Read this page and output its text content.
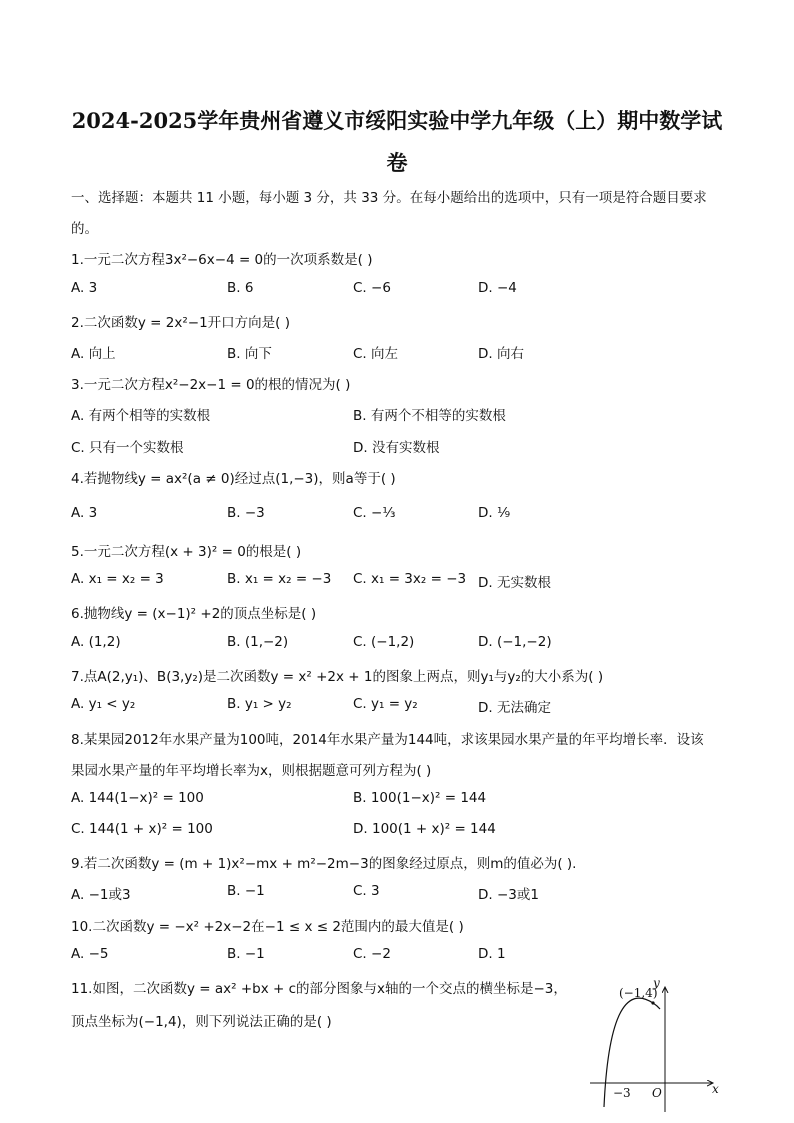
2024-2025学年贵州省遵义市绥阳实验中学九年级（上）期中数学试
卷
一、选择题：本题共 11 小题，每小题 3 分，共 33 分。在每小题给出的选项中，只有一项是符合题目要求
的。
1.一元二次方程3x²−6x−4 = 0的一次项系数是( )
A. 3	B. 6	C. −6	D. −4
2.二次函数y = 2x²−1开口方向是( )
A. 向上	B. 向下	C. 向左	D. 向右
3.一元二次方程x²−2x−1 = 0的根的情况为( )
A. 有两个相等的实数根	B. 有两个不相等的实数根
C. 只有一个实数根	D. 没有实数根
4.若抛物线y = ax²(a ≠ 0)经过点(1,−3)，则a等于( )
A. 3	B. −3	C. −⅓	D. ⅑
5.一元二次方程(x + 3)² = 0的根是( )
A. x₁ = x₂ = 3	B. x₁ = x₂ = −3 C. x₁ = 3x₂ = −3 D. 无实数根
6.抛物线y = (x−1)² +2的顶点坐标是( )
A. (1,2)	B. (1,−2)	C. (−1,2)	D. (−1,−2)
7.点A(2,y₁)、B(3,y₂)是二次函数y = x² +2x + 1的图象上两点，则y₁与y₂的大小系为( )
A. y₁ < y₂	B. y₁ > y₂	C. y₁ = y₂	D. 无法确定
8.某果园2012年水果产量为100吨，2014年水果产量为144吨，求该果园水果产量的年平均增长率．设该
果园水果产量的年平均增长率为x，则根据题意可列方程为( )
A. 144(1−x)² = 100	B. 100(1−x)² = 144
C. 144(1 + x)² = 100	D. 100(1 + x)² = 144
9.若二次函数y = (m + 1)x²−mx + m²−2m−3的图象经过原点，则m的值必为( ).
A. −1或3	B. −1	C. 3	D. −3或1
10.二次函数y = −x² +2x−2在−1 ≤ x ≤ 2范围内的最大值是( )
A. −5	B. −1	C. −2	D. 1
11.如图，二次函数y = ax² +bx + c的部分图象与x轴的一个交点的横坐标是−3，
顶点坐标为(−1,4)，则下列说法正确的是( )
y
x
O
−3
(−1,4)
